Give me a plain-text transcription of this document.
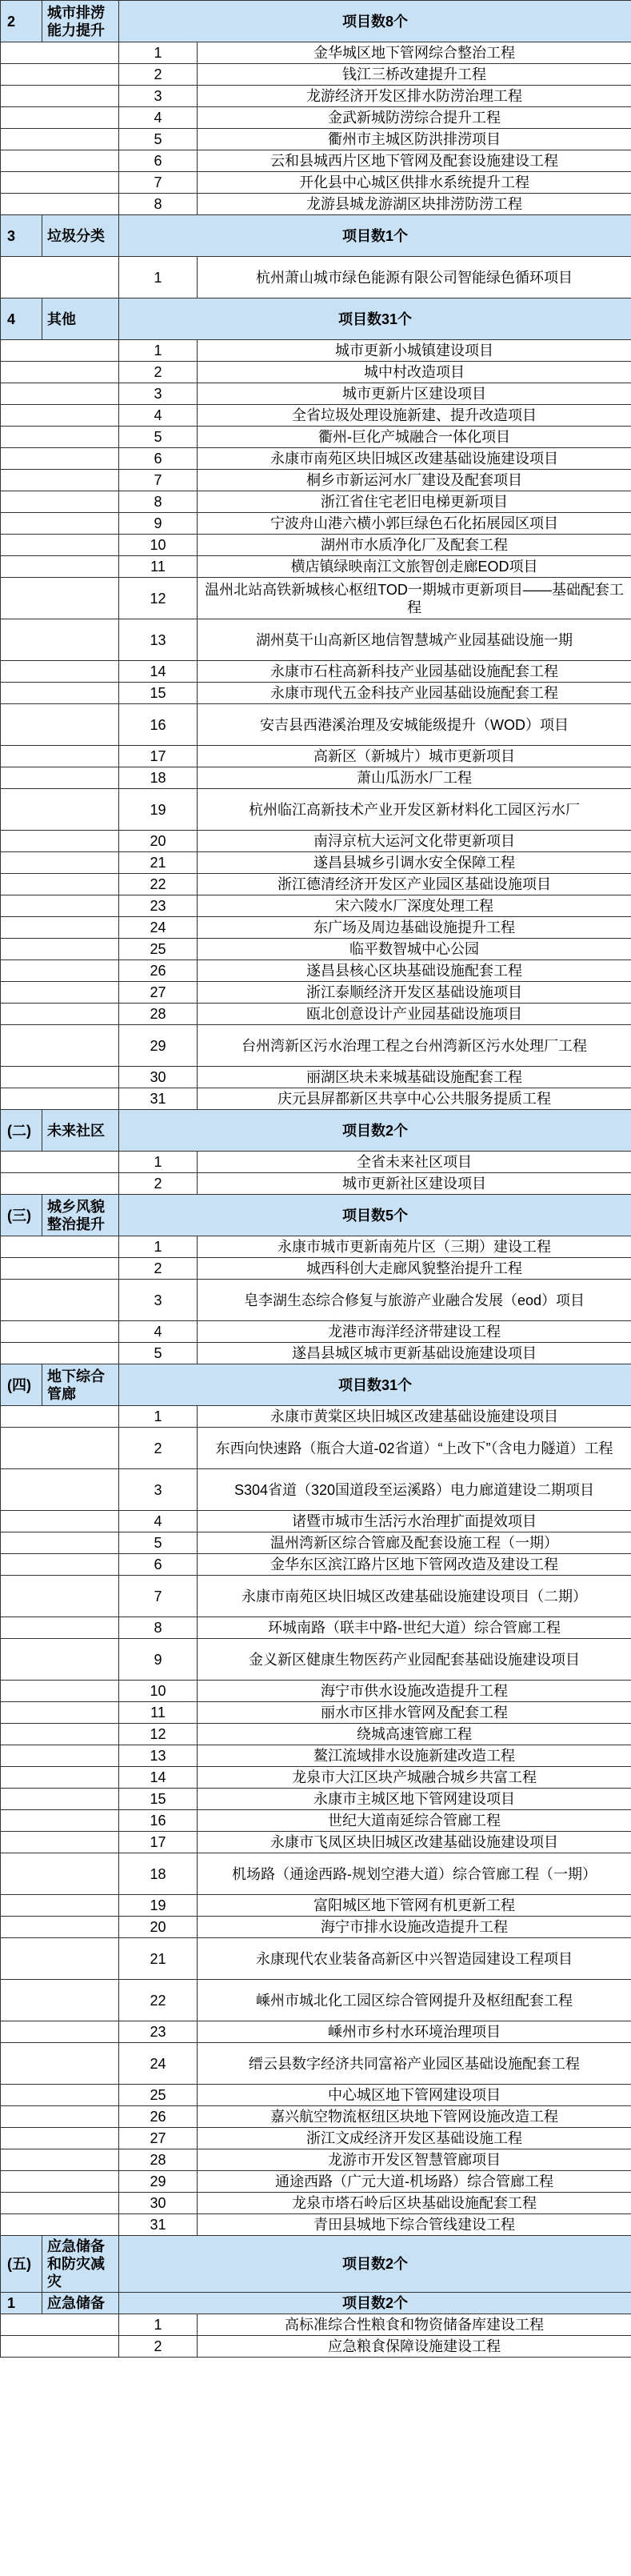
2	城市排涝能力提升	项目数8个	
		1	金华城区地下管网综合整治工程
		2	钱江三桥改建提升工程
		3	龙游经济开发区排水防涝治理工程
		4	金武新城防涝综合提升工程
		5	衢州市主城区防洪排涝项目
		6	云和县城西片区地下管网及配套设施建设工程
		7	开化县中心城区供排水系统提升工程
		8	龙游县城龙游湖区块排涝防涝工程
3	垃圾分类	项目数1个	
		1	杭州萧山城市绿色能源有限公司智能绿色循环项目
4	其他	项目数31个	
		1	城市更新小城镇建设项目
		2	城中村改造项目
		3	城市更新片区建设项目
		4	全省垃圾处理设施新建、提升改造项目
		5	衢州-巨化产城融合一体化项目
		6	永康市南苑区块旧城区改建基础设施建设项目
		7	桐乡市新运河水厂建设及配套项目
		8	浙江省住宅老旧电梯更新项目
		9	宁波舟山港六横小郭巨绿色石化拓展园区项目
		10	湖州市水质净化厂及配套工程
		11	横店镇绿映南江文旅智创走廊EOD项目
		12	温州北站高铁新城核心枢纽TOD一期城市更新项目——基础配套工程
		13	湖州莫干山高新区地信智慧城产业园基础设施一期
		14	永康市石柱高新科技产业园基础设施配套工程
		15	永康市现代五金科技产业园基础设施配套工程
		16	安吉县西港溪治理及安城能级提升（WOD）项目
		17	高新区（新城片）城市更新项目
		18	萧山瓜沥水厂工程
		19	杭州临江高新技术产业开发区新材料化工园区污水厂
		20	南浔京杭大运河文化带更新项目
		21	遂昌县城乡引调水安全保障工程
		22	浙江德清经济开发区产业园区基础设施项目
		23	宋六陵水厂深度处理工程
		24	东广场及周边基础设施提升工程
		25	临平数智城中心公园
		26	遂昌县核心区块基础设施配套工程
		27	浙江泰顺经济开发区基础设施项目
		28	瓯北创意设计产业园基础设施项目
		29	台州湾新区污水治理工程之台州湾新区污水处理厂工程
		30	丽湖区块未来城基础设施配套工程
		31	庆元县屏都新区共享中心公共服务提质工程
(二)	未来社区	项目数2个	
		1	全省未来社区项目
		2	城市更新社区建设项目
(三)	城乡风貌整治提升	项目数5个	
		1	永康市城市更新南苑片区（三期）建设工程
		2	城西科创大走廊风貌整治提升工程
		3	皂李湖生态综合修复与旅游产业融合发展（eod）项目
		4	龙港市海洋经济带建设工程
		5	遂昌县城区城市更新基础设施建设项目
(四)	地下综合管廊	项目数31个	
		1	永康市黄棠区块旧城区改建基础设施建设项目
		2	东西向快速路（瓶合大道-02省道）“上改下”（含电力隧道）工程
		3	S304省道（320国道段至运溪路）电力廊道建设二期项目
		4	诸暨市城市生活污水治理扩面提效项目
		5	温州湾新区综合管廊及配套设施工程（一期）
		6	金华东区滨江路片区地下管网改造及建设工程
		7	永康市南苑区块旧城区改建基础设施建设项目（二期）
		8	环城南路（联丰中路-世纪大道）综合管廊工程
		9	金义新区健康生物医药产业园配套基础设施建设项目
		10	海宁市供水设施改造提升工程
		11	丽水市区排水管网及配套工程
		12	绕城高速管廊工程
		13	鳌江流域排水设施新建改造工程
		14	龙泉市大江区块产城融合城乡共富工程
		15	永康市主城区地下管网建设项目
		16	世纪大道南延综合管廊工程
		17	永康市飞凤区块旧城区改建基础设施建设项目
		18	机场路（通途西路-规划空港大道）综合管廊工程（一期）
		19	富阳城区地下管网有机更新工程
		20	海宁市排水设施改造提升工程
		21	永康现代农业装备高新区中兴智造园建设工程项目
		22	嵊州市城北化工园区综合管网提升及枢纽配套工程
		23	嵊州市乡村水环境治理项目
		24	缙云县数字经济共同富裕产业园区基础设施配套工程
		25	中心城区地下管网建设项目
		26	嘉兴航空物流枢纽区块地下管网设施改造工程
		27	浙江文成经济开发区基础设施工程
		28	龙游市开发区智慧管廊项目
		29	通途西路（广元大道-机场路）综合管廊工程
		30	龙泉市塔石岭后区块基础设施配套工程
		31	青田县城地下综合管线建设工程
(五)	应急储备和防灾减灾	项目数2个	
1	应急储备	项目数2个	
		1	高标准综合性粮食和物资储备库建设工程
		2	应急粮食保障设施建设工程
